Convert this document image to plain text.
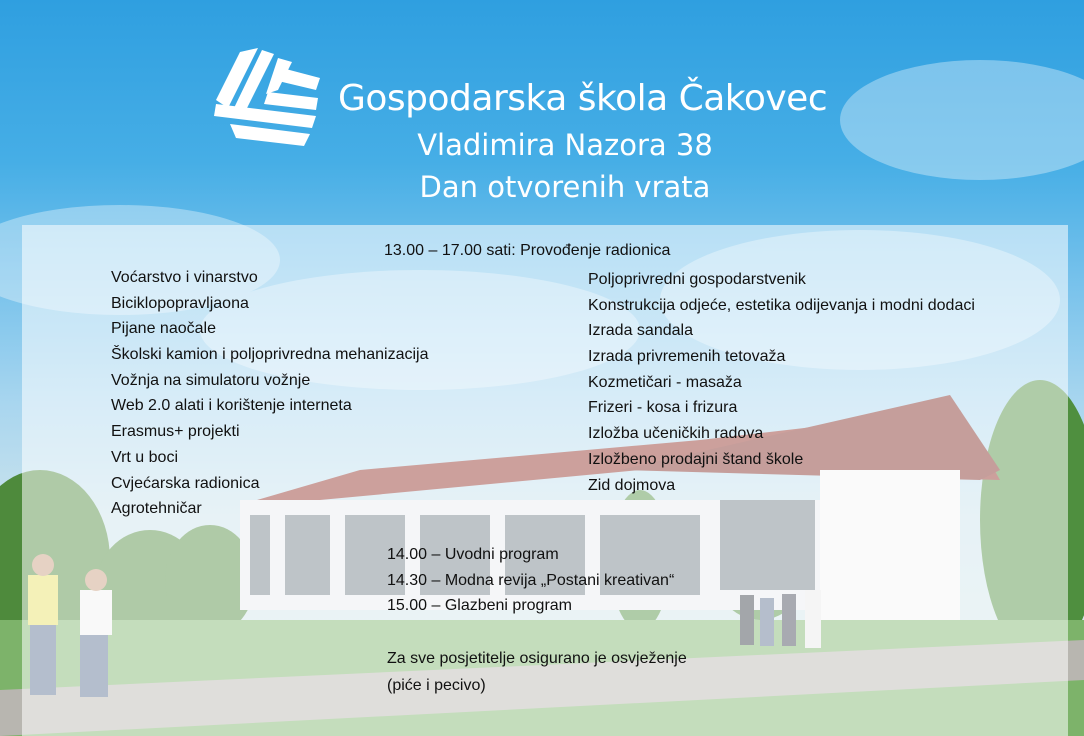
Gospodarska škola Čakovec
Vladimira Nazora 38
Dan otvorenih vrata
13.00 – 17.00 sati: Provođenje radionica
Voćarstvo i vinarstvo
Biciklopopravljaona
Pijane naočale
Školski kamion i poljoprivredna mehanizacija
Vožnja na simulatoru vožnje
Web 2.0 alati i korištenje interneta
Erasmus+ projekti
Vrt u boci
Cvjećarska radionica
Agrotehničar
Poljoprivredni gospodarstvenik
Konstrukcija odjeće, estetika odijevanja i modni dodaci
Izrada sandala
Izrada privremenih tetovaža
Kozmetičari - masaža
Frizeri - kosa i frizura
Izložba učeničkih radova
Izložbeno prodajni štand škole
Zid dojmova
14.00 – Uvodni program
14.30 – Modna revija „Postani kreativan“
15.00 – Glazbeni program
Za sve posjetitelje osigurano je osvježenje
(piće i pecivo)
